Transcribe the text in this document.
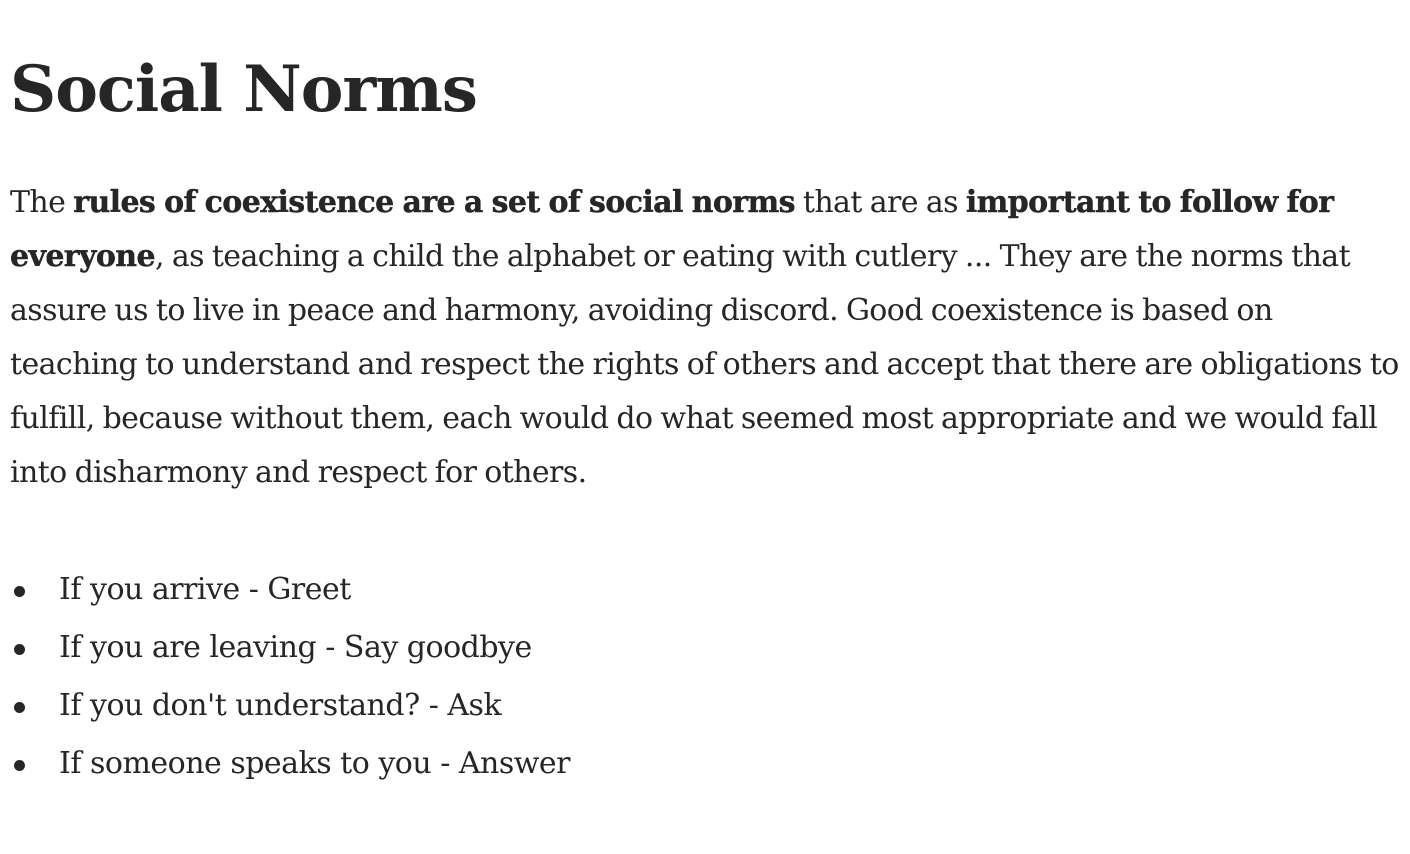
Social Norms

The rules of coexistence are a set of social norms that are as important to follow for everyone, as teaching a child the alphabet or eating with cutlery ... They are the norms that assure us to live in peace and harmony, avoiding discord. Good coexistence is based on teaching to understand and respect the rights of others and accept that there are obligations to fulfill, because without them, each would do what seemed most appropriate and we would fall into disharmony and respect for others.

If you arrive - Greet
If you are leaving - Say goodbye
If you don't understand? - Ask
If someone speaks to you - Answer
